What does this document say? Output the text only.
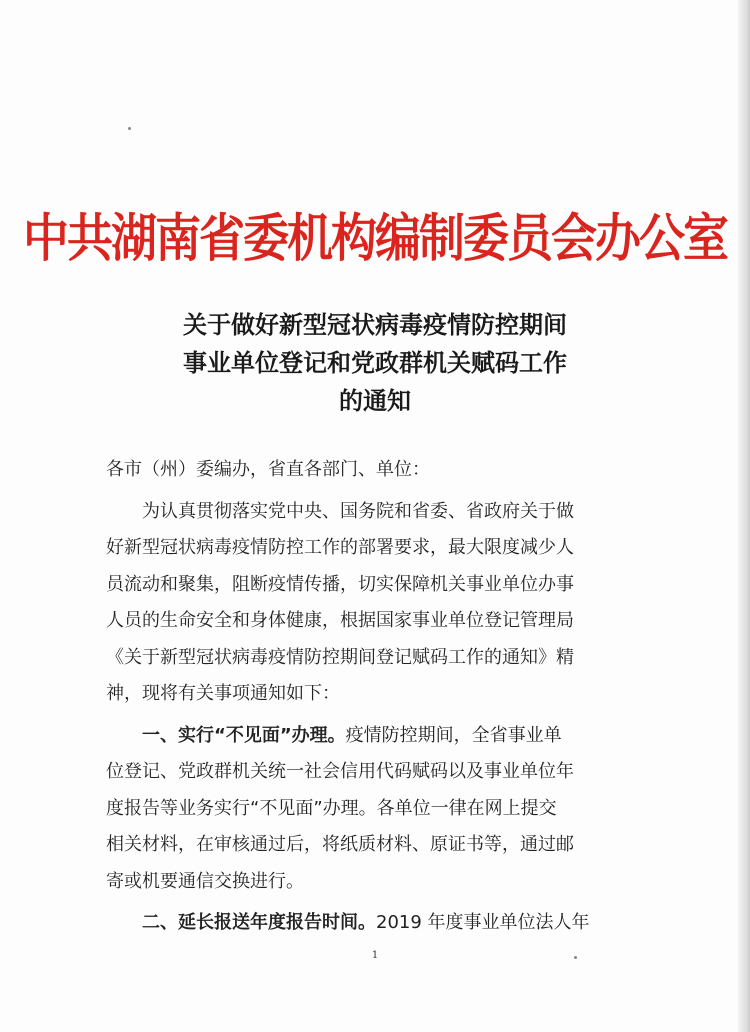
中共湖南省委机构编制委员会办公室
关于做好新型冠状病毒疫情防控期间
事业单位登记和党政群机关赋码工作
的通知
各市（州）委编办，省直各部门、单位：
为认真贯彻落实党中央、国务院和省委、省政府关于做
好新型冠状病毒疫情防控工作的部署要求，最大限度减少人
员流动和聚集，阻断疫情传播，切实保障机关事业单位办事
人员的生命安全和身体健康，根据国家事业单位登记管理局
《关于新型冠状病毒疫情防控期间登记赋码工作的通知》精
神，现将有关事项通知如下：
一、实行“不见面”办理。疫情防控期间，全省事业单
位登记、党政群机关统一社会信用代码赋码以及事业单位年
度报告等业务实行“不见面”办理。各单位一律在网上提交
相关材料，在审核通过后，将纸质材料、原证书等，通过邮
寄或机要通信交换进行。
二、延长报送年度报告时间。2019 年度事业单位法人年
1
